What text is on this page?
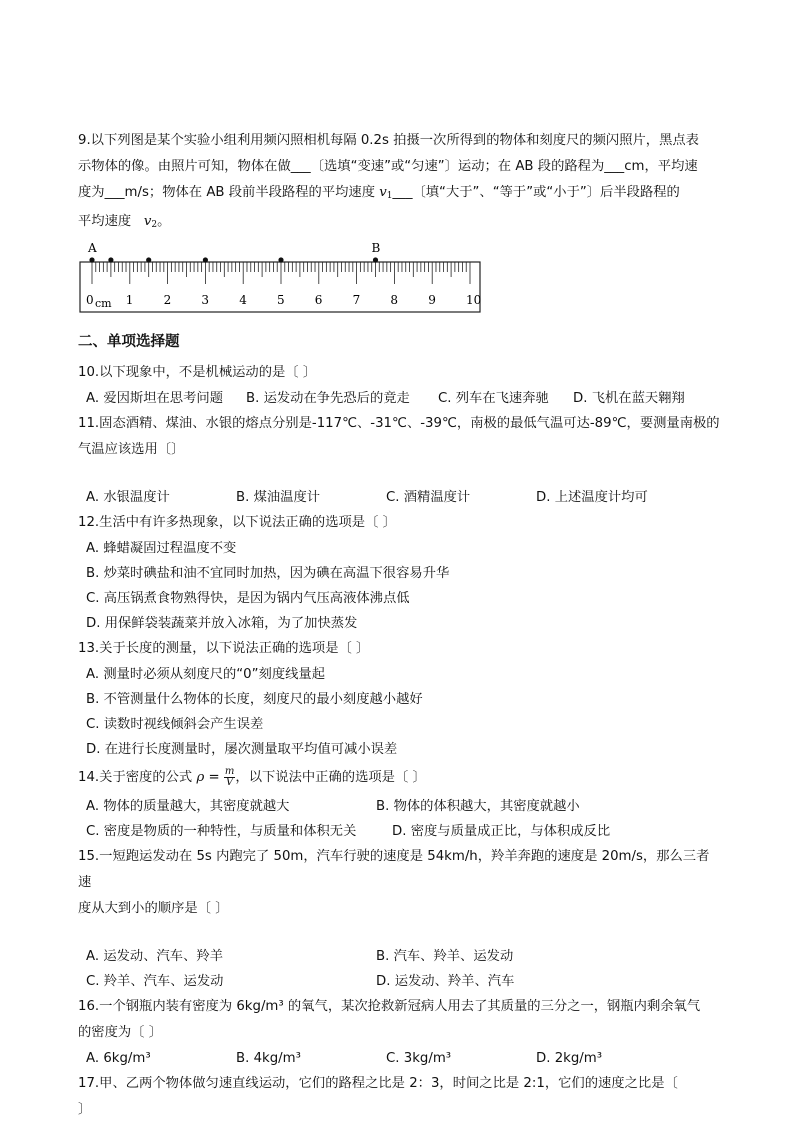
9.以下列图是某个实验小组利用频闪照相机每隔 0.2s 拍摄一次所得到的物体和刻度尺的频闪照片，黑点表

示物体的像。由照片可知，物体在做___〔选填“变速”或“匀速”〕运动；在 AB 段的路程为___cm，平均速

度为___m/s；物体在 AB 段前半段路程的平均速度 $v_1\_\_\_$〔填“大于”、“等于”或“小于”〕后半段路程的

平均速度 $v_2$。

A	B
0	1	2	3	4	5	6	7	8	9	10
cm
二、单项选择题

10.以下现象中，不是机械运动的是〔 〕

A. 爱因斯坦在思考问题	B. 运发动在争先恐后的竟走	C. 列车在飞速奔驰	D. 飞机在蓝天翱翔

11.固态酒精、煤油、水银的熔点分别是-117℃、-31℃、-39℃，南极的最低气温可达-89℃，要测量南极的

气温应该选用〔〕

A. 水银温度计	B. 煤油温度计	C. 酒精温度计	D. 上述温度计均可

12.生活中有许多热现象，以下说法正确的选项是〔 〕

A. 蜂蜡凝固过程温度不变

B. 炒菜时碘盐和油不宜同时加热，因为碘在高温下很容易升华

C. 高压锅煮食物熟得快，是因为锅内气压高液体沸点低

D. 用保鲜袋装蔬菜并放入冰箱，为了加快蒸发

13.关于长度的测量，以下说法正确的选项是〔 〕

A. 测量时必须从刻度尺的“0”刻度线量起

B. 不管测量什么物体的长度，刻度尺的最小刻度越小越好

C. 读数时视线倾斜会产生误差

D. 在进行长度测量时，屡次测量取平均值可减小误差

14.关于密度的公式 $\rho = \frac{m}{V}$ ，以下说法中正确的选项是〔 〕

A. 物体的质量越大，其密度就越大	B. 物体的体积越大，其密度就越小
C. 密度是物质的一种特性，与质量和体积无关	D. 密度与质量成正比，与体积成反比

15.一短跑运发动在 5s 内跑完了 50m，汽车行驶的速度是 54km/h，羚羊奔跑的速度是 20m/s，那么三者速

度从大到小的顺序是〔 〕

A. 运发动、汽车、羚羊	B. 汽车、羚羊、运发动
C. 羚羊、汽车、运发动	D. 运发动、羚羊、汽车

16.一个钢瓶内装有密度为 6kg/m³ 的氧气，某次抢救新冠病人用去了其质量的三分之一，钢瓶内剩余氧气

的密度为〔 〕

A. 6kg/m³	B. 4kg/m³	C. 3kg/m³	D. 2kg/m³

17.甲、乙两个物体做匀速直线运动，它们的路程之比是 2：3，时间之比是 2:1，它们的速度之比是〔

〕
